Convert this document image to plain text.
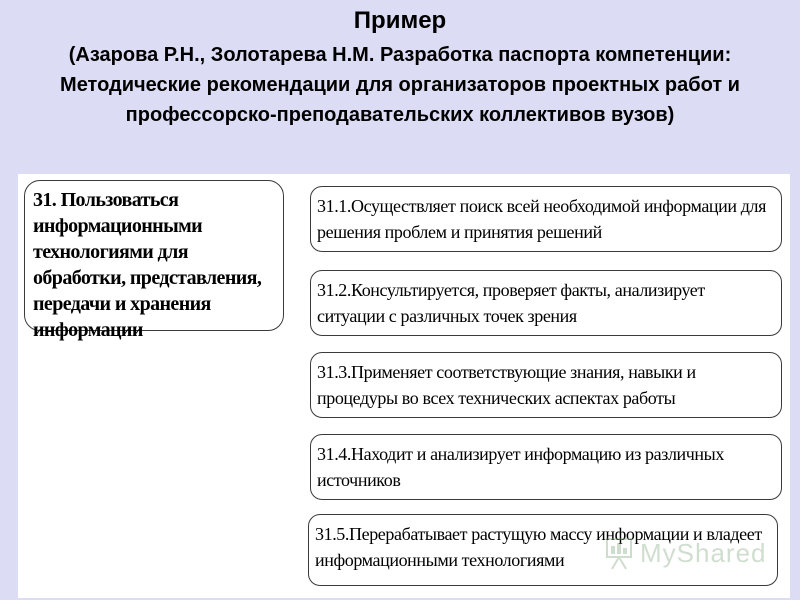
Пример
(Азарова Р.Н., Золотарева Н.М. Разработка паспорта компетенции: Методические рекомендации для организаторов проектных работ и профессорско-преподавательских коллективов вузов)
31. Пользоваться информационными технологиями для обработки, представления, передачи и хранения информации
31.1.Осуществляет поиск всей необходимой информации для решения проблем и принятия решений
31.2.Консультируется, проверяет факты, анализирует ситуации с различных точек зрения
31.3.Применяет соответствующие знания, навыки и процедуры во всех технических аспектах работы
31.4.Находит и анализирует информацию из различных источников
31.5.Перерабатывает растущую массу информации и владеет информационными технологиями	MyShared
